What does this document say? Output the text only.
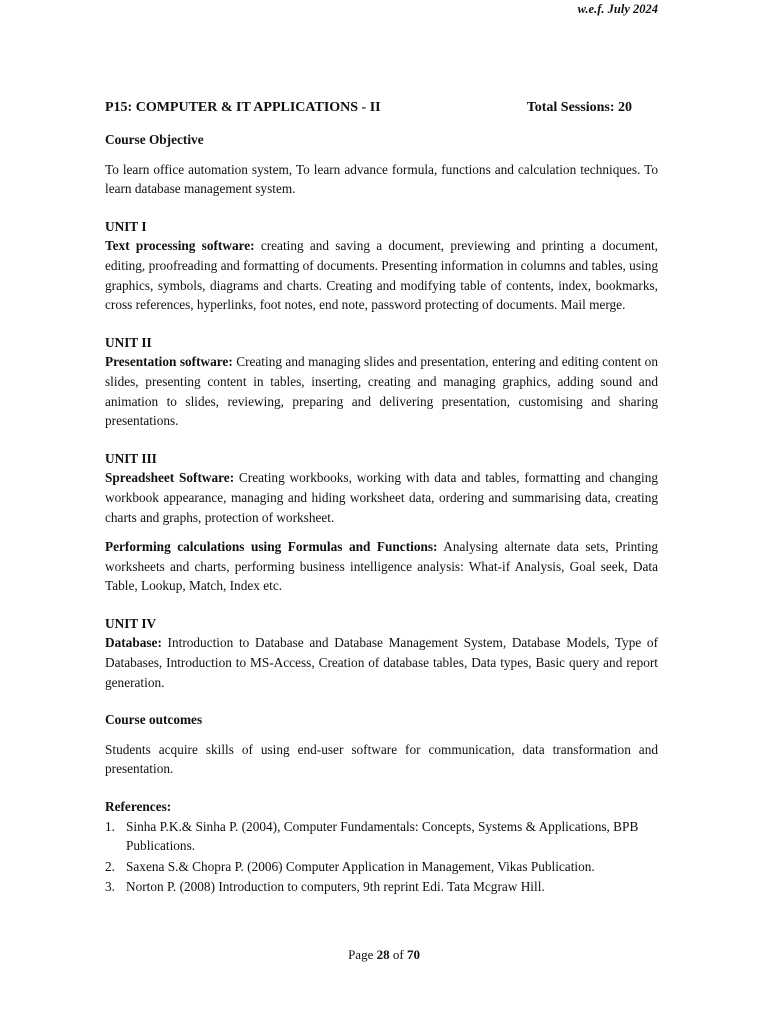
w.e.f. July 2024
P15: COMPUTER & IT APPLICATIONS - II	Total Sessions: 20
Course Objective

To learn office automation system, To learn advance formula, functions and calculation techniques. To learn database management system.

UNIT I

Text processing software: creating and saving a document, previewing and printing a document, editing, proofreading and formatting of documents. Presenting information in columns and tables, using graphics, symbols, diagrams and charts. Creating and modifying table of contents, index, bookmarks, cross references, hyperlinks, foot notes, end note, password protecting of documents. Mail merge.

UNIT II

Presentation software: Creating and managing slides and presentation, entering and editing content on slides, presenting content in tables, inserting, creating and managing graphics, adding sound and animation to slides, reviewing, preparing and delivering presentation, customising and sharing presentations.

UNIT III

Spreadsheet Software: Creating workbooks, working with data and tables, formatting and changing workbook appearance, managing and hiding worksheet data, ordering and summarising data, creating charts and graphs, protection of worksheet.

Performing calculations using Formulas and Functions: Analysing alternate data sets, Printing worksheets and charts, performing business intelligence analysis: What-if Analysis, Goal seek, Data Table, Lookup, Match, Index etc.

UNIT IV

Database: Introduction to Database and Database Management System, Database Models, Type of Databases, Introduction to MS-Access, Creation of database tables, Data types, Basic query and report generation.

Course outcomes

Students acquire skills of using end-user software for communication, data transformation and presentation.

References:
1. Sinha P.K.& Sinha P. (2004), Computer Fundamentals: Concepts, Systems & Applications, BPB Publications.
2. Saxena S.& Chopra P. (2006) Computer Application in Management, Vikas Publication.
3. Norton P. (2008) Introduction to computers, 9th reprint Edi. Tata Mcgraw Hill.
Page 28 of 70
